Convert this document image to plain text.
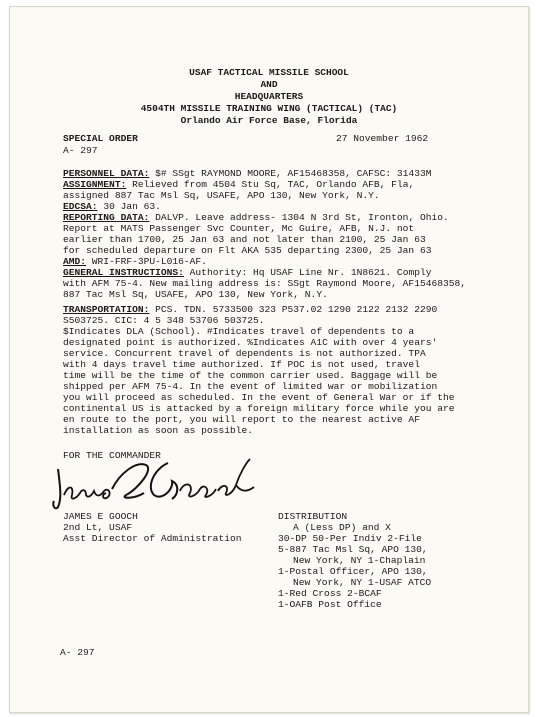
USAF TACTICAL MISSILE SCHOOL
AND
HEADQUARTERS
4504TH MISSILE TRAINING WING (TACTICAL) (TAC)
Orlando Air Force Base, Florida
SPECIAL ORDER	27 November 1962
A- 297
PERSONNEL DATA: $# SSgt RAYMOND MOORE, AF15468358, CAFSC: 31433M
ASSIGNMENT: Relieved from 4504 Stu Sq, TAC, Orlando AFB, Fla,
assigned 887 Tac Msl Sq, USAFE, APO 130, New York, N.Y.
EDCSA: 30 Jan 63.
REPORTING DATA: DALVP. Leave address- 1304 N 3rd St, Ironton, Ohio.
Report at MATS Passenger Svc Counter, Mc Guire, AFB, N.J. not
earlier than 1700, 25 Jan 63 and not later than 2100, 25 Jan 63
for scheduled departure on Flt AKA 535 departing 2300, 25 Jan 63
AMD: WRI-FRF-3PU-L016-AF.
GENERAL INSTRUCTIONS: Authority: Hq USAF Line Nr. 1N8621. Comply
with AFM 75-4. New mailing address is: SSgt Raymond Moore, AF15468358,
887 Tac Msl Sq, USAFE, APO 130, New York, N.Y.
TRANSPORTATION: PCS. TDN. 5733500 323 P537.02 1290 2122 2132 2290
S503725. CIC: 4 5 348 53706 503725.
$Indicates DLA (School). #Indicates travel of dependents to a
designated point is authorized. %Indicates A1C with over 4 years'
service. Concurrent travel of dependents is not authorized. TPA
with 4 days travel time authorized. If POC is not used, travel
time will be the time of the common carrier used. Baggage will be
shipped per AFM 75-4. In the event of limited war or mobilization
you will proceed as scheduled. In the event of General War or if the
continental US is attacked by a foreign military force while you are
en route to the port, you will report to the nearest active AF
installation as soon as possible.
FOR THE COMMANDER
JAMES E GOOCH
2nd Lt, USAF
Asst Director of Administration
DISTRIBUTION
A (Less DP) and X
30-DP 50-Per Indiv 2-File
5-887 Tac Msl Sq, APO 130,
New York, NY 1-Chaplain
1-Postal Officer, APO 130,
New York, NY 1-USAF ATCO
1-Red Cross 2-BCAF
1-OAFB Post Office
A- 297
